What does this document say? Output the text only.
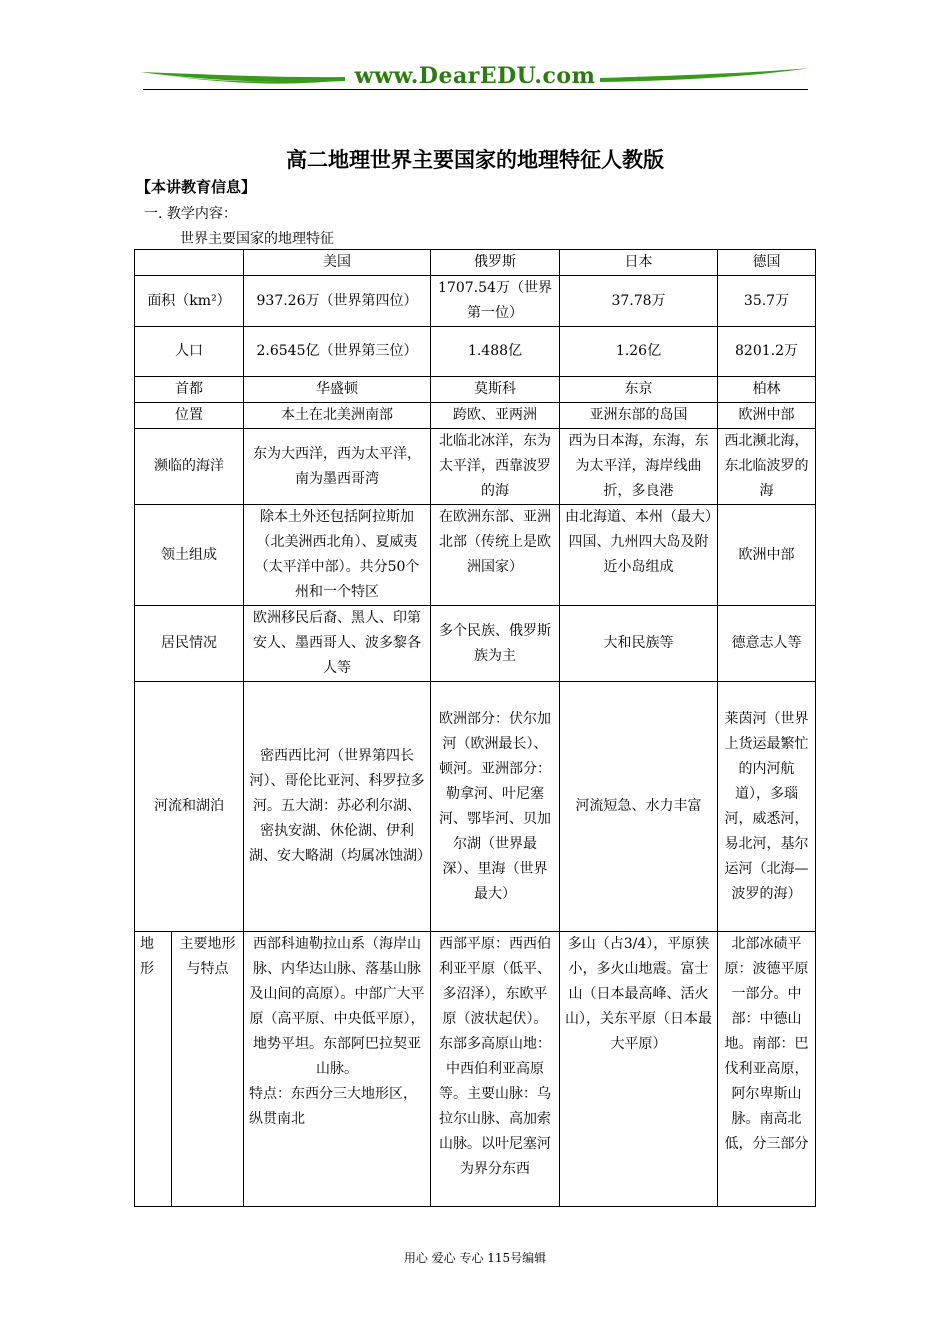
www.DearEDU.com
高二地理世界主要国家的地理特征人教版
【本讲教育信息】
一. 教学内容：
世界主要国家的地理特征
		美国	俄罗斯	日本	德国
面积（km²）		937.26万（世界第四位）	1707.54万（世界第一位）	37.78万	35.7万
人口		2.6545亿（世界第三位）	1.488亿	1.26亿	8201.2万
首都		华盛顿	莫斯科	东京	柏林
位置		本土在北美洲南部	跨欧、亚两洲	亚洲东部的岛国	欧洲中部
濒临的海洋		东为大西洋，西为太平洋，南为墨西哥湾	北临北冰洋，东为太平洋，西靠波罗的海	西为日本海，东海，东为太平洋，海岸线曲折，多良港	西北濒北海，东北临波罗的海
领土组成		除本土外还包括阿拉斯加（北美洲西北角）、夏威夷（太平洋中部）。共分50个州和一个特区	在欧洲东部、亚洲北部（传统上是欧洲国家）	由北海道、本州（最大）四国、九州四大岛及附近小岛组成	欧洲中部
居民情况		欧洲移民后裔、黑人、印第安人、墨西哥人、波多黎各人等	多个民族、俄罗斯族为主	大和民族等	德意志人等
河流和湖泊		密西西比河（世界第四长河）、哥伦比亚河、科罗拉多河。五大湖：苏必利尔湖、密执安湖、休伦湖、伊利湖、安大略湖（均属冰蚀湖）	欧洲部分：伏尔加河（欧洲最长）、顿河。亚洲部分：勒拿河、叶尼塞河、鄂毕河、贝加尔湖（世界最深）、里海（世界最大）	河流短急、水力丰富	莱茵河（世界上货运最繁忙的内河航道），多瑙河，威悉河，易北河，基尔运河（北海—波罗的海）
地形	主要地形与特点	西部科迪勒拉山系（海岸山脉、内华达山脉、落基山脉及山间的高原）。中部广大平原（高平原、中央低平原），地势平坦。东部阿巴拉契亚山脉。
特点：东西分三大地形区，纵贯南北	西部平原：西西伯利亚平原（低平、多沼泽），东欧平原（波状起伏）。东部多高原山地：中西伯利亚高原等。主要山脉：乌拉尔山脉、高加索山脉。以叶尼塞河为界分东西	多山（占3/4），平原狭小，多火山地震。富士山（日本最高峰、活火山），关东平原（日本最大平原）	北部冰碛平原：波德平原一部分。中部：中德山地。南部：巴伐利亚高原，阿尔卑斯山脉。南高北低，分三部分
用心 爱心 专心 115号编辑
